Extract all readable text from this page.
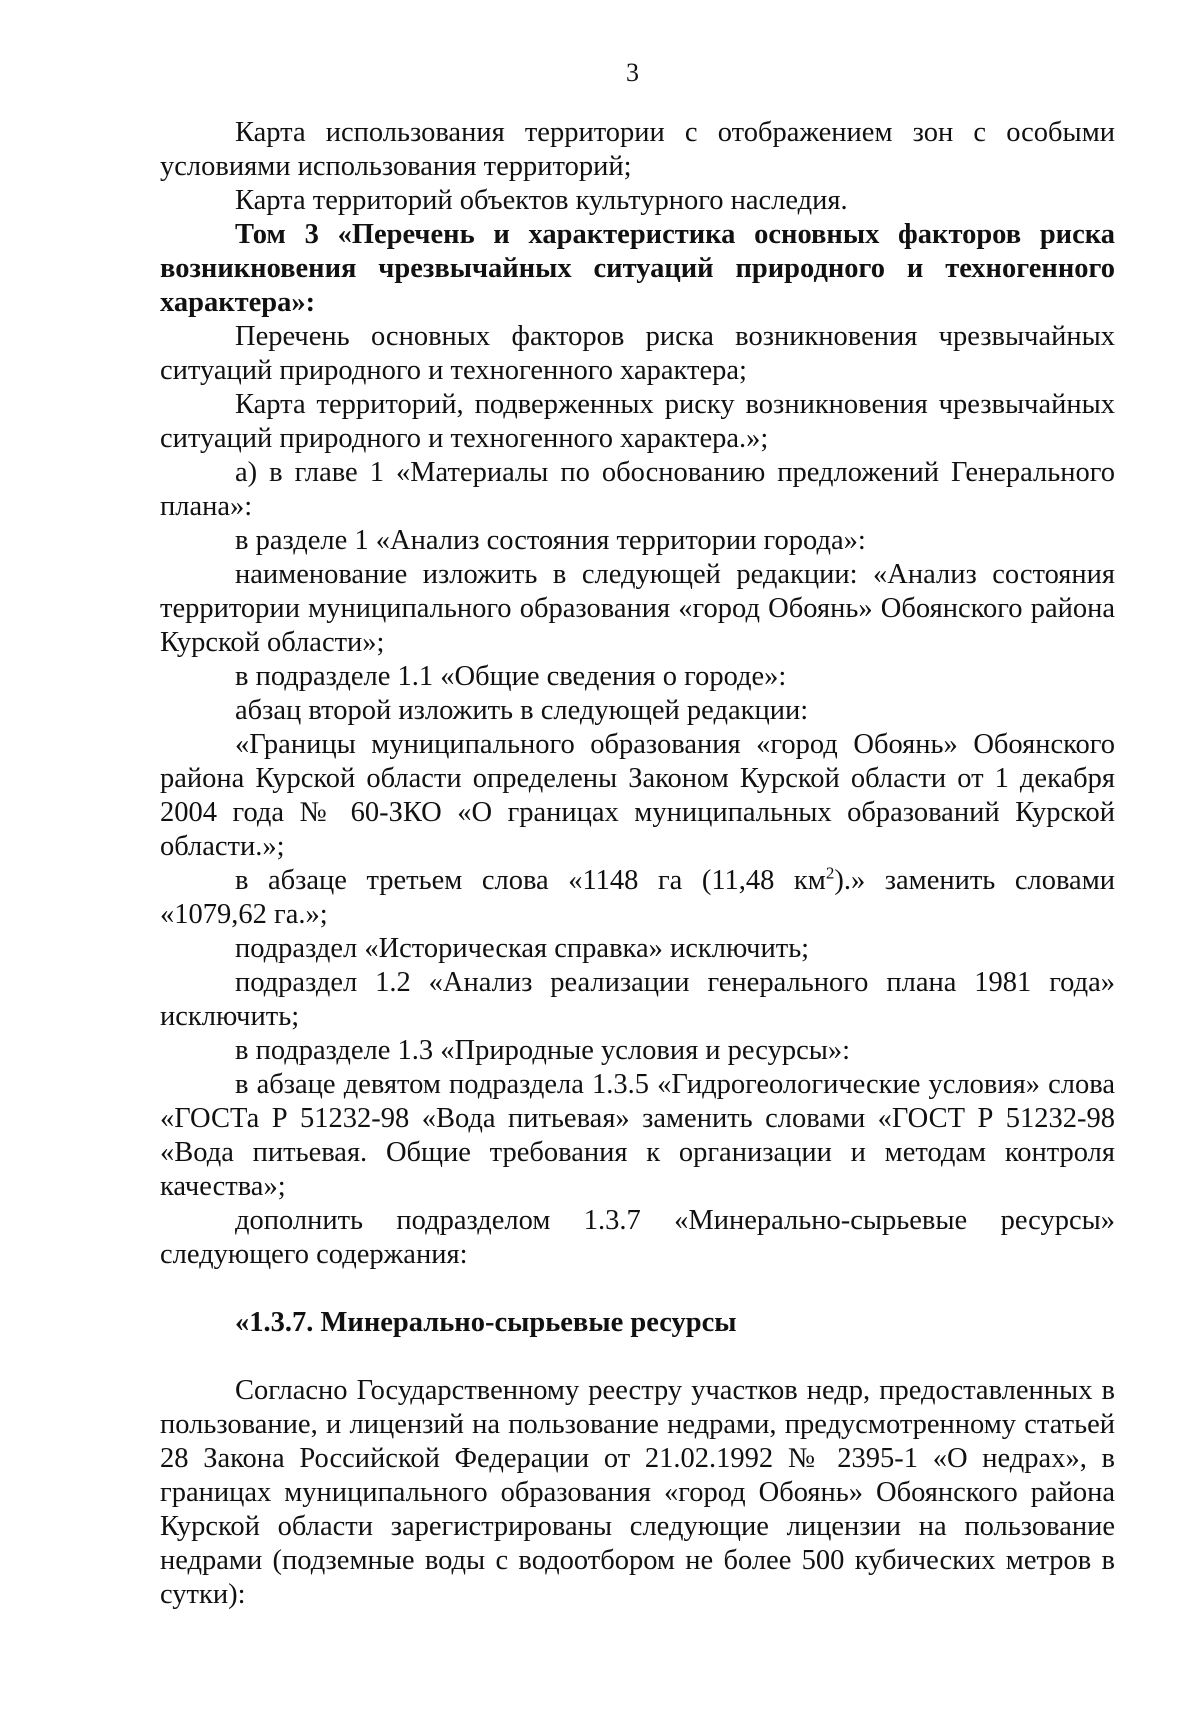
3

Карта использования территории с отображением зон с особыми условиями использования территорий;

Карта территорий объектов культурного наследия.

Том 3 «Перечень и характеристика основных факторов риска возникновения чрезвычайных ситуаций природного и техногенного характера»:

Перечень основных факторов риска возникновения чрезвычайных ситуаций природного и техногенного характера;

Карта территорий, подверженных риску возникновения чрезвычайных ситуаций природного и техногенного характера.»;

а) в главе 1 «Материалы по обоснованию предложений Генерального плана»:

в разделе 1 «Анализ состояния территории города»:

наименование изложить в следующей редакции: «Анализ состояния территории муниципального образования «город Обоянь» Обоянского района Курской области»;

в подразделе 1.1 «Общие сведения о городе»:

абзац второй изложить в следующей редакции:

«Границы муниципального образования «город Обоянь» Обоянского района Курской области определены Законом Курской области от 1 декабря 2004 года № 60-ЗКО «О границах муниципальных образований Курской области.»;

в абзаце третьем слова «1148 га (11,48 $км^2$).» заменить словами «1079,62 га.»;

подраздел «Историческая справка» исключить;

подраздел 1.2 «Анализ реализации генерального плана 1981 года» исключить;

в подразделе 1.3 «Природные условия и ресурсы»:

в абзаце девятом подраздела 1.3.5 «Гидрогеологические условия» слова «ГОСТа Р 51232-98 «Вода питьевая» заменить словами «ГОСТ Р 51232-98 «Вода питьевая. Общие требования к организации и методам контроля качества»;

дополнить подразделом 1.3.7 «Минерально-сырьевые ресурсы» следующего содержания:

«1.3.7. Минерально-сырьевые ресурсы

Согласно Государственному реестру участков недр, предоставленных в пользование, и лицензий на пользование недрами, предусмотренному статьей 28 Закона Российской Федерации от 21.02.1992 № 2395-1 «О недрах», в границах муниципального образования «город Обоянь» Обоянского района Курской области зарегистрированы следующие лицензии на пользование недрами (подземные воды с водоотбором не более 500 кубических метров в сутки):
